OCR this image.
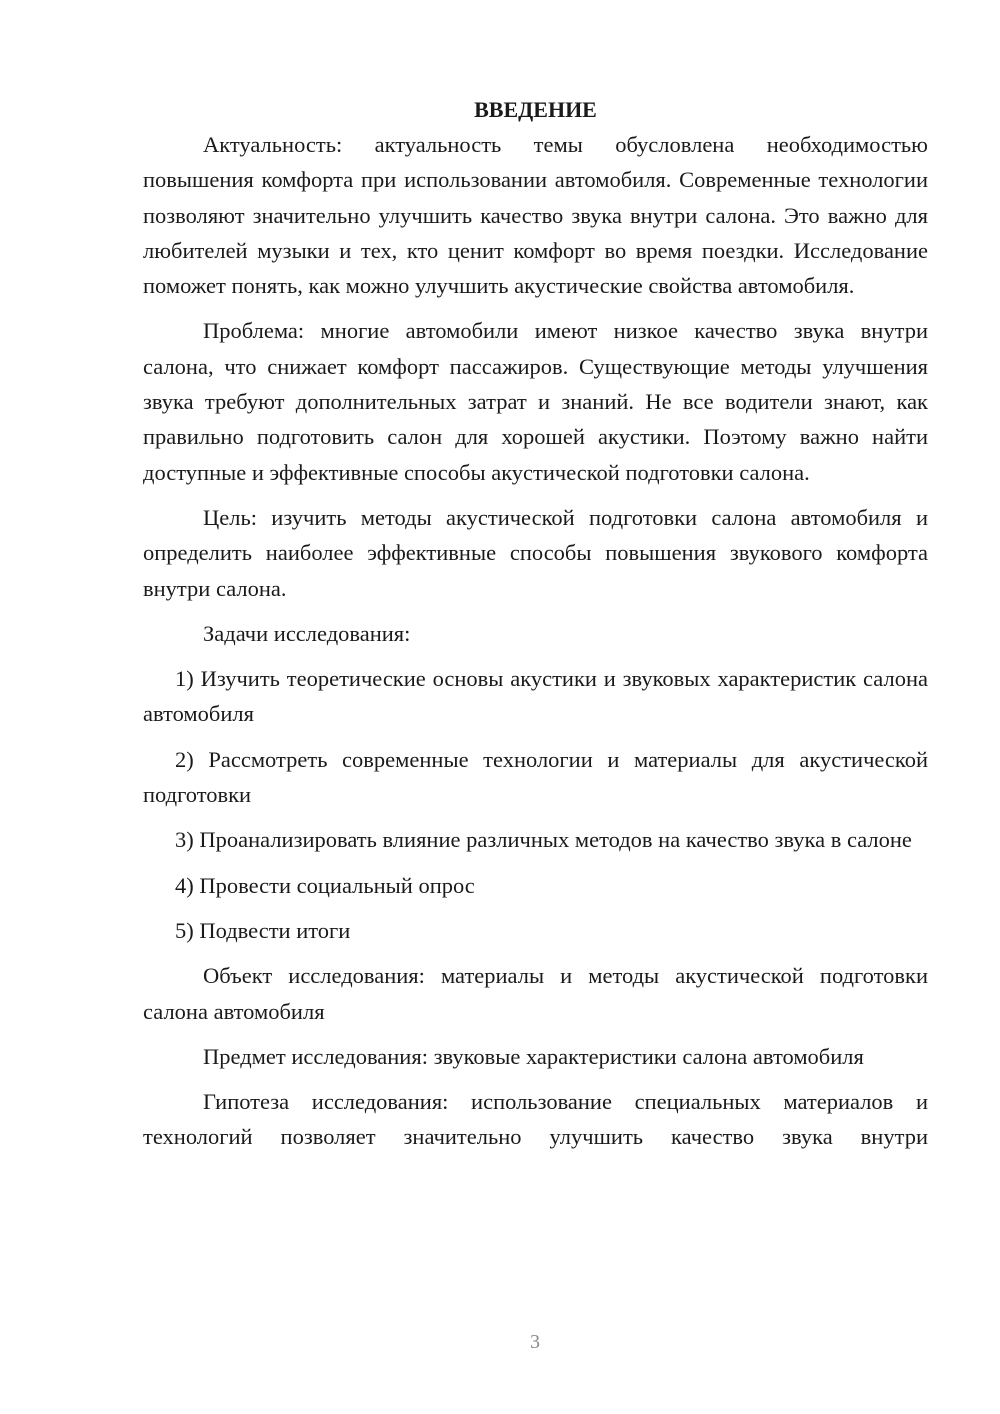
ВВЕДЕНИЕ

Актуальность: актуальность темы обусловлена необходимостью повышения комфорта при использовании автомобиля. Современные технологии позволяют значительно улучшить качество звука внутри салона. Это важно для любителей музыки и тех, кто ценит комфорт во время поездки. Исследование поможет понять, как можно улучшить акустические свойства автомобиля.

Проблема: многие автомобили имеют низкое качество звука внутри салона, что снижает комфорт пассажиров. Существующие методы улучшения звука требуют дополнительных затрат и знаний. Не все водители знают, как правильно подготовить салон для хорошей акустики. Поэтому важно найти доступные и эффективные способы акустической подготовки салона.

Цель: изучить методы акустической подготовки салона автомобиля и определить наиболее эффективные способы повышения звукового комфорта внутри салона.

Задачи исследования:

1) Изучить теоретические основы акустики и звуковых характеристик салона автомобиля

2) Рассмотреть современные технологии и материалы для акустической подготовки

3) Проанализировать влияние различных методов на качество звука в салоне

4) Провести социальный опрос

5) Подвести итоги

Объект исследования: материалы и методы акустической подготовки салона автомобиля

Предмет исследования: звуковые характеристики салона автомобиля

Гипотеза исследования: использование специальных материалов и технологий позволяет значительно улучшить качество звука внутри

3
